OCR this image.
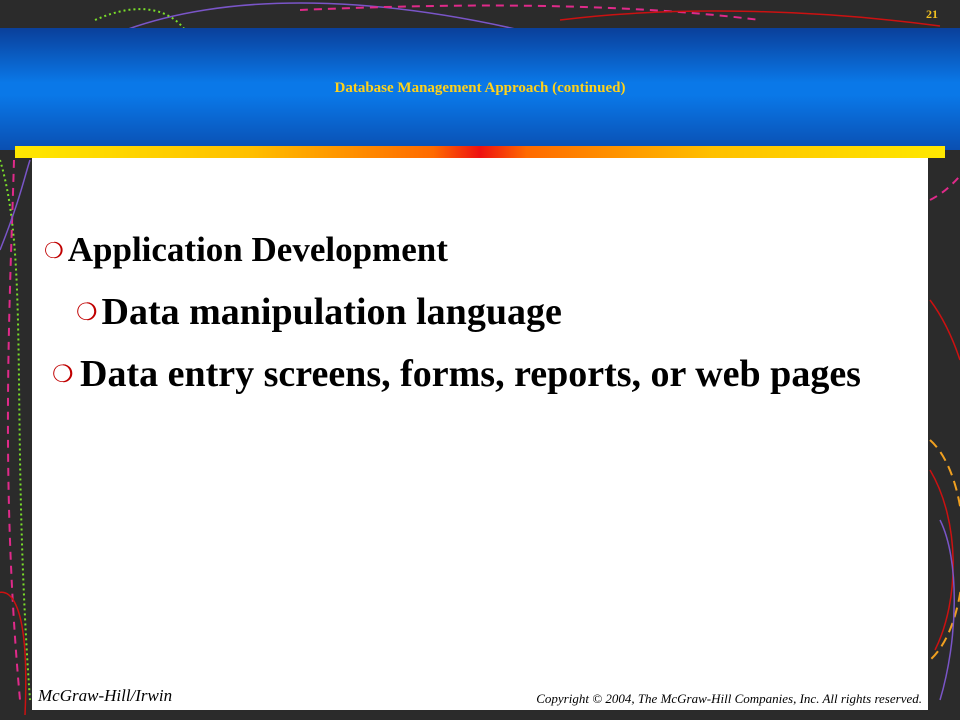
21
Database Management Approach (continued)
❍ Application Development
❍ Data manipulation language
Data entry screens, forms, reports, or web pages
McGraw-Hill/Irwin	Copyright © 2004, The McGraw-Hill Companies, Inc. All rights reserved.
